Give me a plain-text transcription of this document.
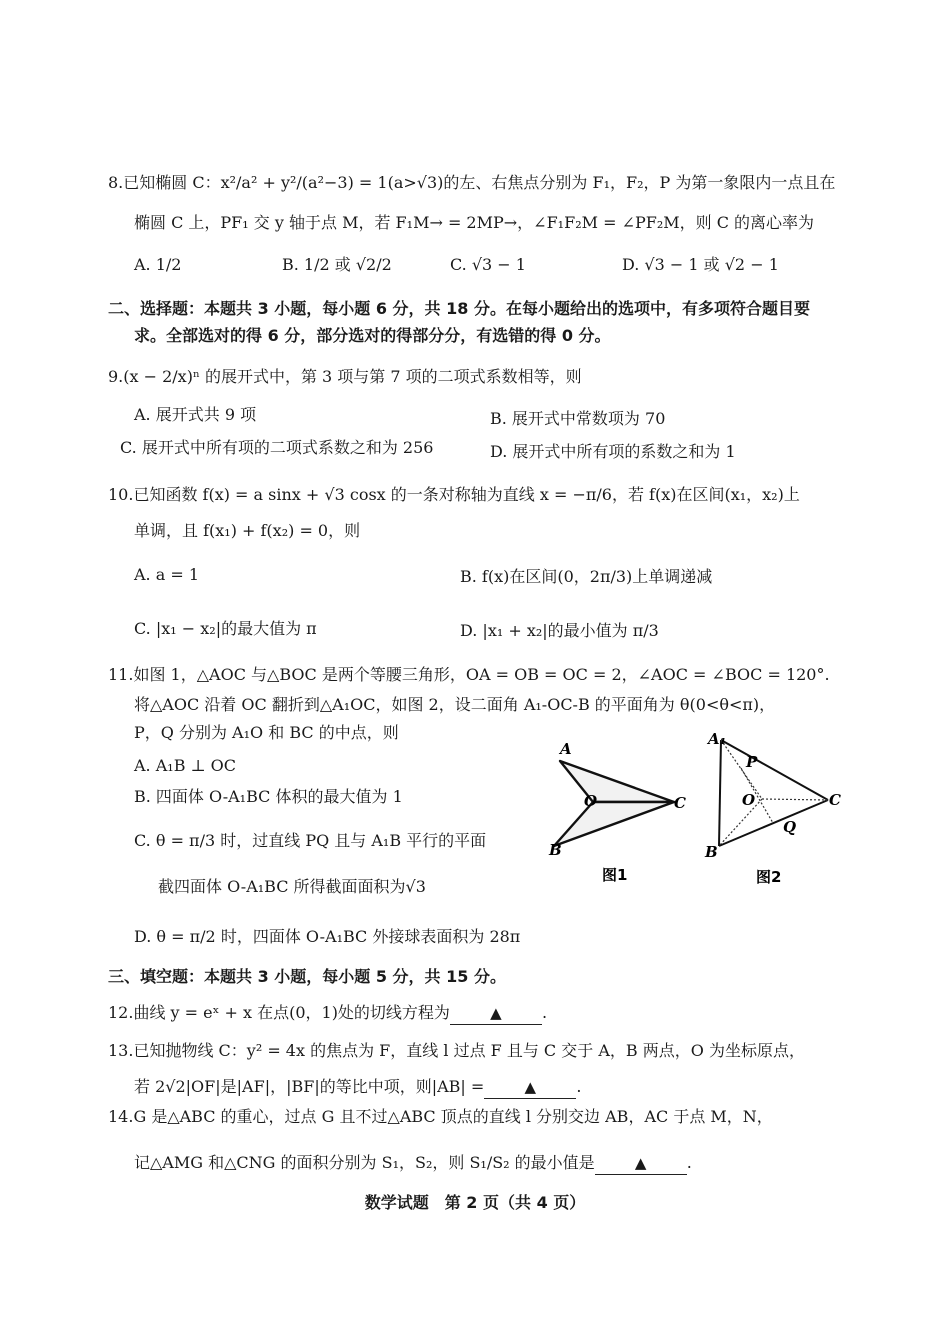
8.已知椭圆 C：x²/a² + y²/(a²−3) = 1(a>√3)的左、右焦点分别为 F₁，F₂，P 为第一象限内一点且在
椭圆 C 上，PF₁ 交 y 轴于点 M，若 F₁M→ = 2MP→，∠F₁F₂M = ∠PF₂M，则 C 的离心率为
A. 1/2	B. 1/2 或 √2/2	C. √3 − 1	D. √3 − 1 或 √2 − 1
二、选择题：本题共 3 小题，每小题 6 分，共 18 分。在每小题给出的选项中，有多项符合题目要
求。全部选对的得 6 分，部分选对的得部分分，有选错的得 0 分。
9.(x − 2/x)ⁿ 的展开式中，第 3 项与第 7 项的二项式系数相等，则
A. 展开式共 9 项	B. 展开式中常数项为 70
C. 展开式中所有项的二项式系数之和为 256	D. 展开式中所有项的系数之和为 1
10.已知函数 f(x) = a sinx + √3 cosx 的一条对称轴为直线 x = −π/6，若 f(x)在区间(x₁，x₂)上
单调，且 f(x₁) + f(x₂) = 0，则
A. a = 1	B. f(x)在区间(0，2π/3)上单调递减
C. |x₁ − x₂|的最大值为 π	D. |x₁ + x₂|的最小值为 π/3
11.如图 1，△AOC 与△BOC 是两个等腰三角形，OA = OB = OC = 2，∠AOC = ∠BOC = 120°.
将△AOC 沿着 OC 翻折到△A₁OC，如图 2，设二面角 A₁-OC-B 的平面角为 θ(0<θ<π)，
P，Q 分别为 A₁O 和 BC 的中点，则
A. A₁B ⊥ OC
B. 四面体 O-A₁BC 体积的最大值为 1
C. θ = π/3 时，过直线 PQ 且与 A₁B 平行的平面
截四面体 O-A₁BC 所得截面面积为√3
D. θ = π/2 时，四面体 O-A₁BC 外接球表面积为 28π
A
O	C
B
图1
A₁
P
O	C
Q
B
图2
三、填空题：本题共 3 小题，每小题 5 分，共 15 分。
12.曲线 y = eˣ + x 在点(0，1)处的切线方程为	▲	.
13.已知抛物线 C：y² = 4x 的焦点为 F，直线 l 过点 F 且与 C 交于 A，B 两点，O 为坐标原点，
若 2√2|OF|是|AF|，|BF|的等比中项，则|AB| =	▲	.
14.G 是△ABC 的重心，过点 G 且不过△ABC 顶点的直线 l 分别交边 AB，AC 于点 M，N，
记△AMG 和△CNG 的面积分别为 S₁，S₂，则 S₁/S₂ 的最小值是	▲	.
数学试题　第 2 页（共 4 页）
